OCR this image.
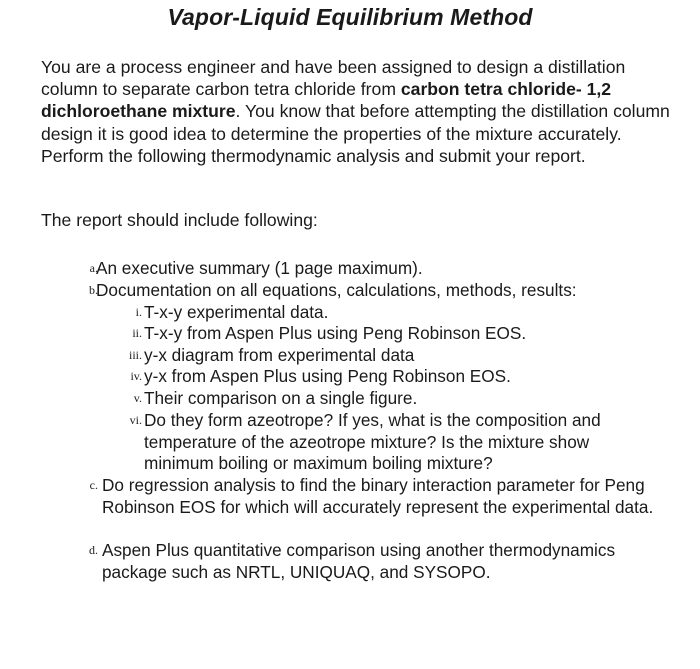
Vapor-Liquid Equilibrium Method

You are a process engineer and have been assigned to design a distillation column to separate carbon tetra chloride from carbon tetra chloride- 1,2 dichloroethane mixture. You know that before attempting the distillation column design it is good idea to determine the properties of the mixture accurately. Perform the following thermodynamic analysis and submit your report.

The report should include following:

a.
An executive summary (1 page maximum).
b.
Documentation on all equations, calculations, methods, results:
i. T-x-y experimental data.
ii. T-x-y from Aspen Plus using Peng Robinson EOS.
iii. y-x diagram from experimental data
iv. y-x from Aspen Plus using Peng Robinson EOS.
v. Their comparison on a single figure.
vi. Do they form azeotrope? If yes, what is the composition and temperature of the azeotrope mixture? Is the mixture show minimum boiling or maximum boiling mixture?
c. Do regression analysis to find the binary interaction parameter for Peng Robinson EOS for which will accurately represent the experimental data.
d. Aspen Plus quantitative comparison using another thermodynamics package such as NRTL, UNIQUAQ, and SYSOPO.
